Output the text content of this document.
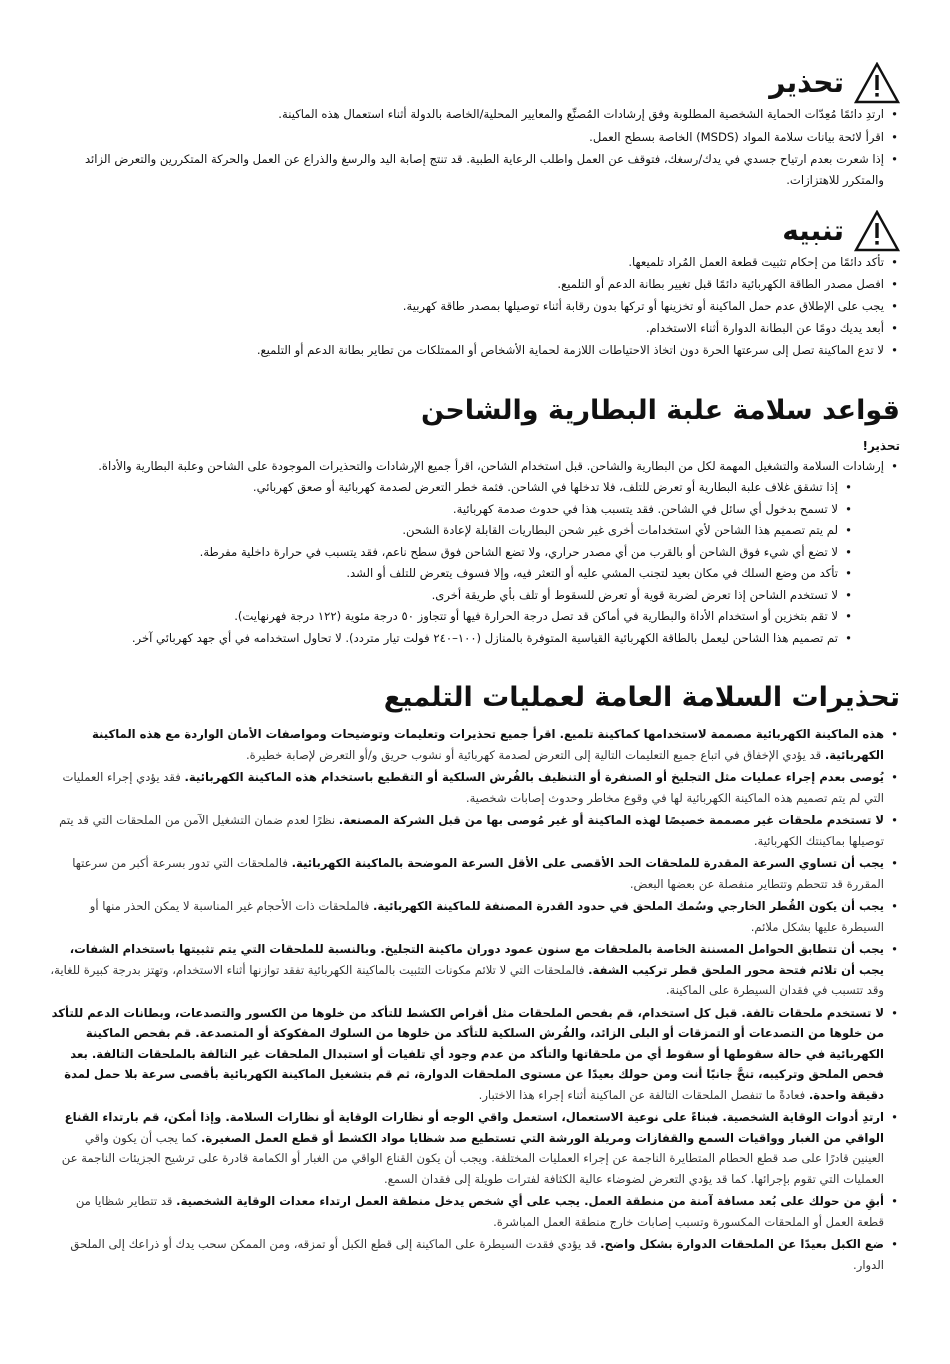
تحذير
• ارتدِ دائمًا مُعِدّات الحماية الشخصية المطلوبة وفق إرشادات المُصنِّع والمعايير المحلية/الخاصة بالدولة أثناء استعمال هذه الماكينة.
• اقرأ لائحة بيانات سلامة المواد (MSDS) الخاصة بسطح العمل.
• إذا شعرت بعدم ارتياح جسدي في يدك/رسغك، فتوقف عن العمل واطلب الرعاية الطبية. قد تنتج إصابة اليد والرسغ والذراع عن العمل والحركة المتكررين والتعرض الزائد والمتكرر للاهتزازات.
تنبيه
• تأكد دائمًا من إحكام تثبيت قطعة العمل المُراد تلميعها.
• افصل مصدر الطاقة الكهربائية دائمًا قبل تغيير بطانة الدعم أو التلميع.
• يجب على الإطلاق عدم حمل الماكينة أو تخزينها أو تركها بدون رقابة أثناء توصيلها بمصدر طاقة كهربية.
• أبعد يديك دومًا عن البطانة الدوارة أثناء الاستخدام.
• لا تدع الماكينة تصل إلى سرعتها الحرة دون اتخاذ الاحتياطات اللازمة لحماية الأشخاص أو الممتلكات من تطاير بطانة الدعم أو التلميع.
قواعد سلامة علبة البطارية والشاحن
تحذير!
• إرشادات السلامة والتشغيل المهمة لكل من البطارية والشاحن. قبل استخدام الشاحن، اقرأ جميع الإرشادات والتحذيرات الموجودة على الشاحن وعلبة البطارية والأداة.
• إذا تشقق غلاف علبة البطارية أو تعرض للتلف، فلا تدخلها في الشاحن. فثمة خطر التعرض لصدمة كهربائية أو صعق كهربائي.
• لا تسمح بدخول أي سائل في الشاحن. فقد يتسبب هذا في حدوث صدمة كهربائية.
• لم يتم تصميم هذا الشاحن لأي استخدامات أخرى غير شحن البطاريات القابلة لإعادة الشحن.
• لا تضع أي شيء فوق الشاحن أو بالقرب من أي مصدر حراري، ولا تضع الشاحن فوق سطح ناعم، فقد يتسبب في حرارة داخلية مفرطة.
• تأكد من وضع السلك في مكان بعيد لتجنب المشي عليه أو التعثر فيه، وإلا فسوف يتعرض للتلف أو الشد.
• لا تستخدم الشاحن إذا تعرض لضربة قوية أو تعرض للسقوط أو تلف بأي طريقة أخرى.
• لا تقم بتخزين أو استخدام الأداة والبطارية في أماكن قد تصل درجة الحرارة فيها أو تتجاوز ٥٠ درجة مئوية (١٢٢ درجة فهرنهايت).
• تم تصميم هذا الشاحن ليعمل بالطاقة الكهربائية القياسية المتوفرة بالمنازل (١٠٠–٢٤٠ فولت تيار متردد). لا تحاول استخدامه في أي جهد كهربائي آخر.
تحذيرات السلامة العامة لعمليات التلميع
• هذه الماكينة الكهربائية مصممة لاستخدامها كماكينة تلميع. اقرأ جميع تحذيرات وتعليمات وتوضيحات ومواصفات الأمان الواردة مع هذه الماكينة الكهربائية. قد يؤدي الإخفاق في اتباع جميع التعليمات التالية إلى التعرض لصدمة كهربائية أو نشوب حريق و/أو التعرض لإصابة خطيرة.
• يُوصى بعدم إجراء عمليات مثل التجليخ أو الصنفرة أو التنظيف بالفُرش السلكية أو التقطيع باستخدام هذه الماكينة الكهربائية. فقد يؤدي إجراء العمليات التي لم يتم تصميم هذه الماكينة الكهربائية لها في وقوع مخاطر وحدوث إصابات شخصية.
• لا تستخدم ملحقات غير مصممة خصيصًا لهذه الماكينة أو غير مُوصى بها من قبل الشركة المصنعة. نظرًا لعدم ضمان التشغيل الآمن من الملحقات التي قد يتم توصيلها بماكينتك الكهربائية.
• يجب أن تساوي السرعة المقدرة للملحقات الحد الأقصى على الأقل السرعة الموضحة بالماكينة الكهربائية. فالملحقات التي تدور بسرعة أكبر من سرعتها المقررة قد تتحطم وتتطاير منفصلة عن بعضها البعض.
• يجب أن يكون القُطر الخارجي وسُمك الملحق في حدود القدرة المصنفة للماكينة الكهربائية. فالملحقات ذات الأحجام غير المناسبة لا يمكن الحذر منها أو السيطرة عليها بشكل ملائم.
• يجب أن تتطابق الحوامل المسننة الخاصة بالملحقات مع سنون عمود دوران ماكينة التجليخ. وبالنسبة للملحقات التي يتم تثبيتها باستخدام الشفات، يجب أن تلائم فتحة محور الملحق قطر تركيب الشفة. فالملحقات التي لا تلائم مكونات التثبيت بالماكينة الكهربائية تفقد توازنها أثناء الاستخدام، وتهتز بدرجة كبيرة للغاية، وقد تتسبب في فقدان السيطرة على الماكينة.
• لا تستخدم ملحقات تالفة. قبل كل استخدام، قم بفحص الملحقات مثل أقراص الكشط للتأكد من خلوها من الكسور والتصدعات، وبطانات الدعم للتأكد من خلوها من التصدعات أو التمزقات أو البلى الزائد، والفُرش السلكية للتأكد من خلوها من السلوك المفكوكة أو المتصدعة. قم بفحص الماكينة الكهربائية في حالة سقوطها أو سقوط أي من ملحقاتها والتأكد من عدم وجود أي تلفيات أو استبدال الملحقات غير التالفة بالملحقات التالفة. بعد فحص الملحق وتركيبه، تنحَّ جانبًا أنت ومن حولك بعيدًا عن مستوى الملحقات الدوارة، ثم قم بتشغيل الماكينة الكهربائية بأقصى سرعة بلا حمل لمدة دقيقة واحدة. فعادةً ما تنفصل الملحقات التالفة عن الماكينة أثناء إجراء هذا الاختبار.
• ارتدِ أدوات الوقاية الشخصية. فبناءً على نوعية الاستعمال، استعمل واقي الوجه أو نظارات الوقاية أو نظارات السلامة. وإذا أمكن، قم بارتداء القناع الواقي من الغبار وواقيات السمع والقفازات ومريلة الورشة التي تستطيع صد شظايا مواد الكشط أو قطع العمل الصغيرة. كما يجب أن يكون واقي العينين قادرًا على صد قطع الحطام المتطايرة الناجمة عن إجراء العمليات المختلفة. ويجب أن يكون القناع الواقي من الغبار أو الكمامة قادرة على ترشيح الجزيئات الناجمة عن العمليات التي تقوم بإجرائها. كما قد يؤدي التعرض لضوضاء عالية الكثافة لفترات طويلة إلى فقدان السمع.
• أبقِ من حولك على بُعد مسافة آمنة من منطقة العمل. يجب على أي شخص يدخل منطقة العمل ارتداء معدات الوقاية الشخصية. قد تتطاير شظايا من قطعة العمل أو الملحقات المكسورة وتسبب إصابات خارج منطقة العمل المباشرة.
• ضع الكبل بعيدًا عن الملحقات الدوارة بشكل واضح. قد يؤدي فقدت السيطرة على الماكينة إلى قطع الكبل أو تمزقه، ومن الممكن سحب يدك أو ذراعك إلى الملحق الدوار.
